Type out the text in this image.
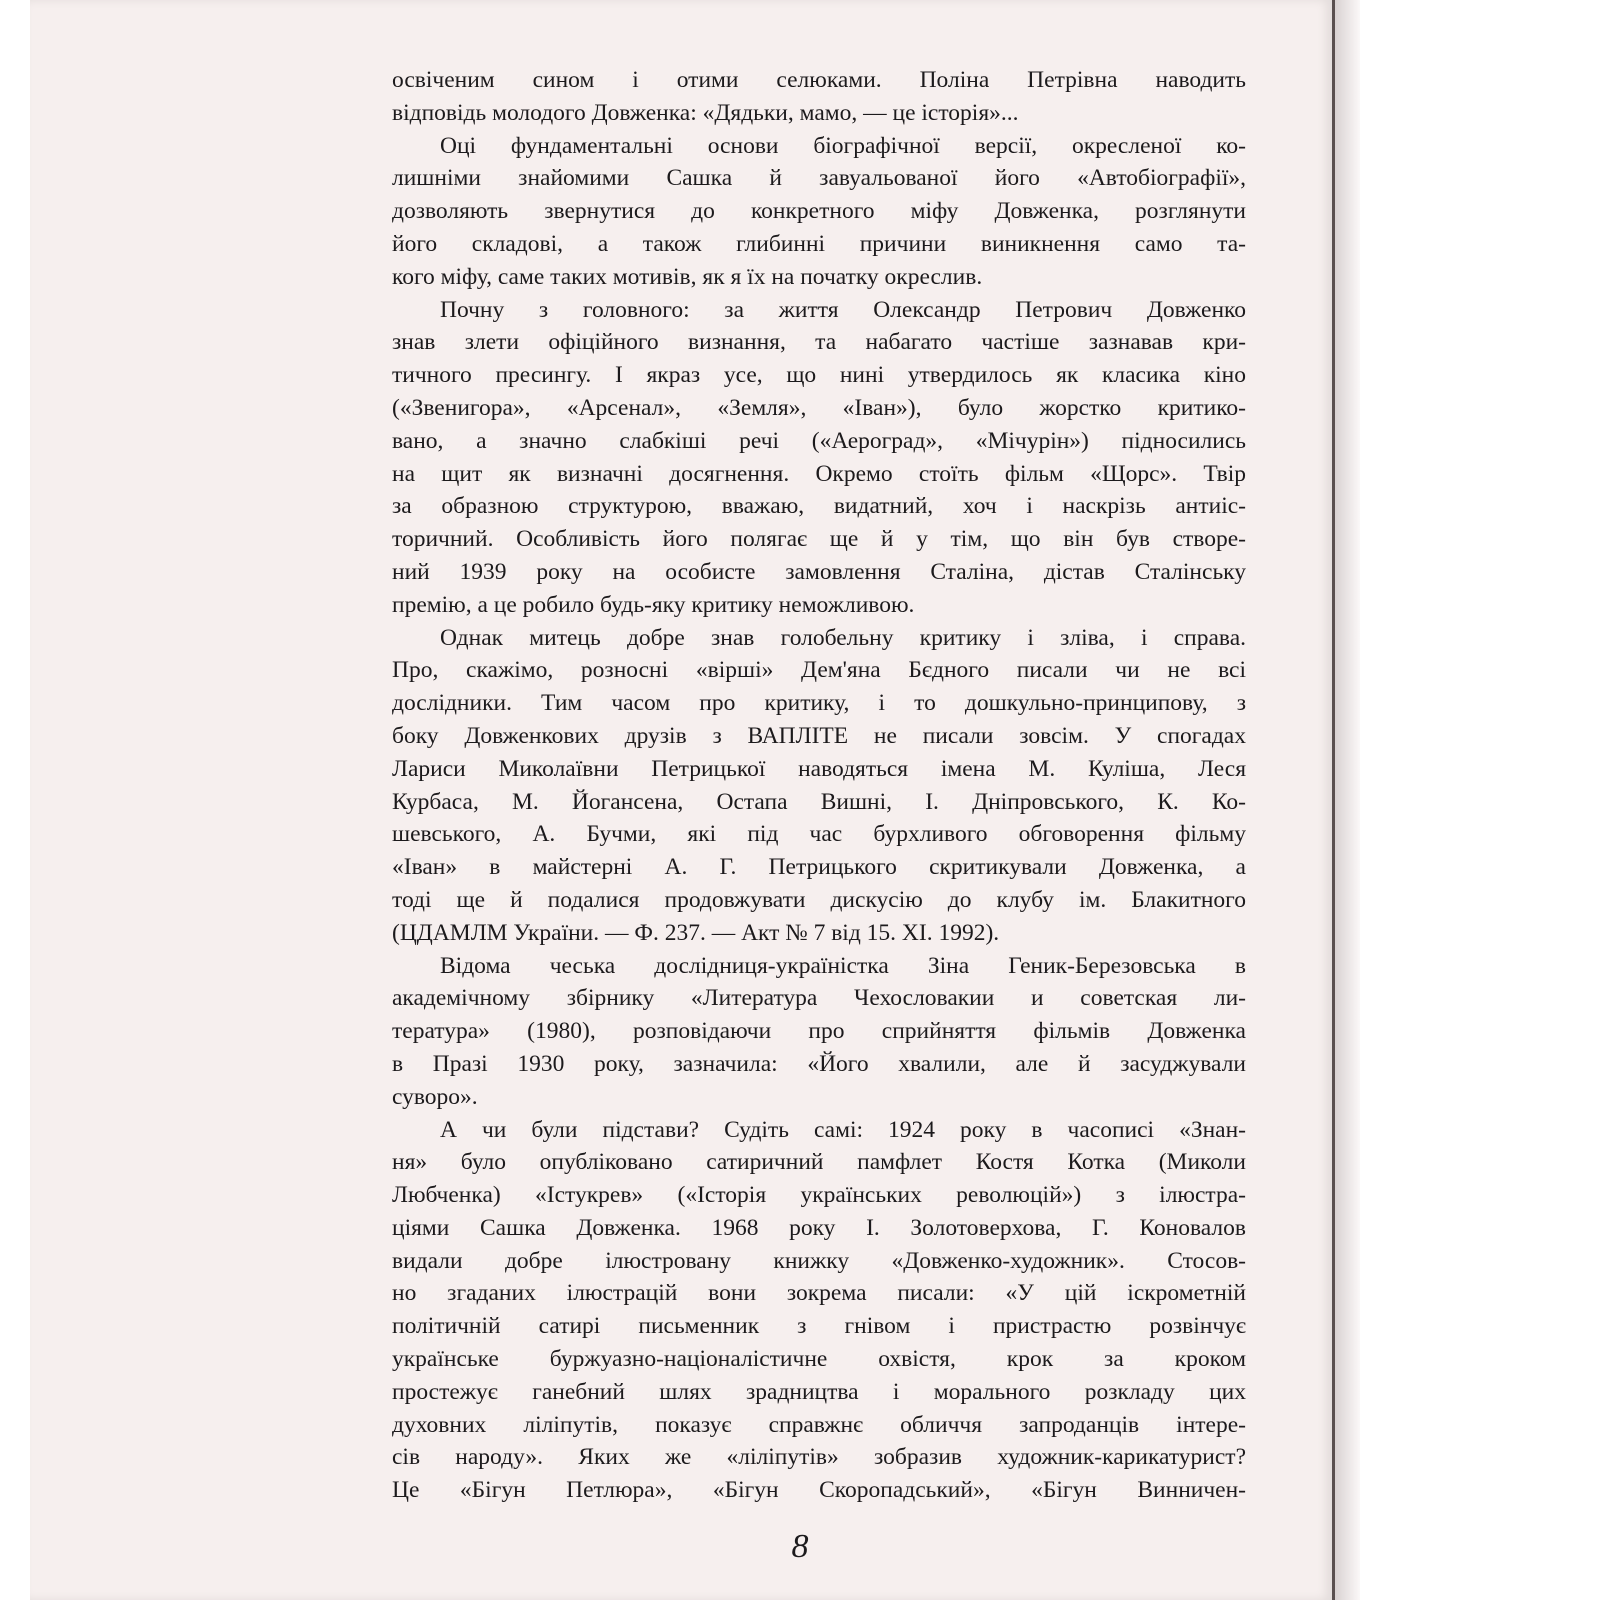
освіченим сином і отими селюками. Поліна Петрівна наводить
відповідь молодого Довженка: «Дядьки, мамо, — це історія»...
Оці фундаментальні основи біографічної версії, окресленої ко-
лишніми знайомими Сашка й завуальованої його «Автобіографії»,
дозволяють звернутися до конкретного міфу Довженка, розглянути
його складові, а також глибинні причини виникнення само та-
кого міфу, саме таких мотивів, як я їх на початку окреслив.
Почну з головного: за життя Олександр Петрович Довженко
знав злети офіційного визнання, та набагато частіше зазнавав кри-
тичного пресингу. І якраз усе, що нині утвердилось як класика кіно
(«Звенигора», «Арсенал», «Земля», «Іван»), було жорстко критико-
вано, а значно слабкіші речі («Аероград», «Мічурін») підносились
на щит як визначні досягнення. Окремо стоїть фільм «Щорс». Твір
за образною структурою, вважаю, видатний, хоч і наскрізь антиіс-
торичний. Особливість його полягає ще й у тім, що він був створе-
ний 1939 року на особисте замовлення Сталіна, дістав Сталінську
премію, а це робило будь-яку критику неможливою.
Однак митець добре знав голобельну критику і зліва, і справа.
Про, скажімо, розносні «вірші» Дем'яна Бєдного писали чи не всі
дослідники. Тим часом про критику, і то дошкульно-принципову, з
боку Довженкових друзів з ВАПЛІТЕ не писали зовсім. У спогадах
Лариси Миколаївни Петрицької наводяться імена М. Куліша, Леся
Курбаса, М. Йогансена, Остапа Вишні, І. Дніпровського, К. Ко-
шевського, А. Бучми, які під час бурхливого обговорення фільму
«Іван» в майстерні А. Г. Петрицького скритикували Довженка, а
тоді ще й подалися продовжувати дискусію до клубу ім. Блакитного
(ЦДАМЛМ України. — Ф. 237. — Акт № 7 від 15. XI. 1992).
Відома чеська дослідниця-україністка Зіна Геник-Березовська в
академічному збірнику «Литература Чехословакии и советская ли-
тература» (1980), розповідаючи про сприйняття фільмів Довженка
в Празі 1930 року, зазначила: «Його хвалили, але й засуджували
суворо».
А чи були підстави? Судіть самі: 1924 року в часописі «Знан-
ня» було опубліковано сатиричний памфлет Костя Котка (Миколи
Любченка) «Істукрев» («Історія українських революцій») з ілюстра-
ціями Сашка Довженка. 1968 року І. Золотоверхова, Г. Коновалов
видали добре ілюстровану книжку «Довженко-художник». Стосов-
но згаданих ілюстрацій вони зокрема писали: «У цій іскрометній
політичній сатирі письменник з гнівом і пристрастю розвінчує
українське буржуазно-націоналістичне охвістя, крок за кроком
простежує ганебний шлях зрадництва і морального розкладу цих
духовних ліліпутів, показує справжнє обличчя запроданців інтере-
сів народу». Яких же «ліліпутів» зобразив художник-карикатурист?
Це «Бігун Петлюра», «Бігун Скоропадський», «Бігун Винничен-
8
